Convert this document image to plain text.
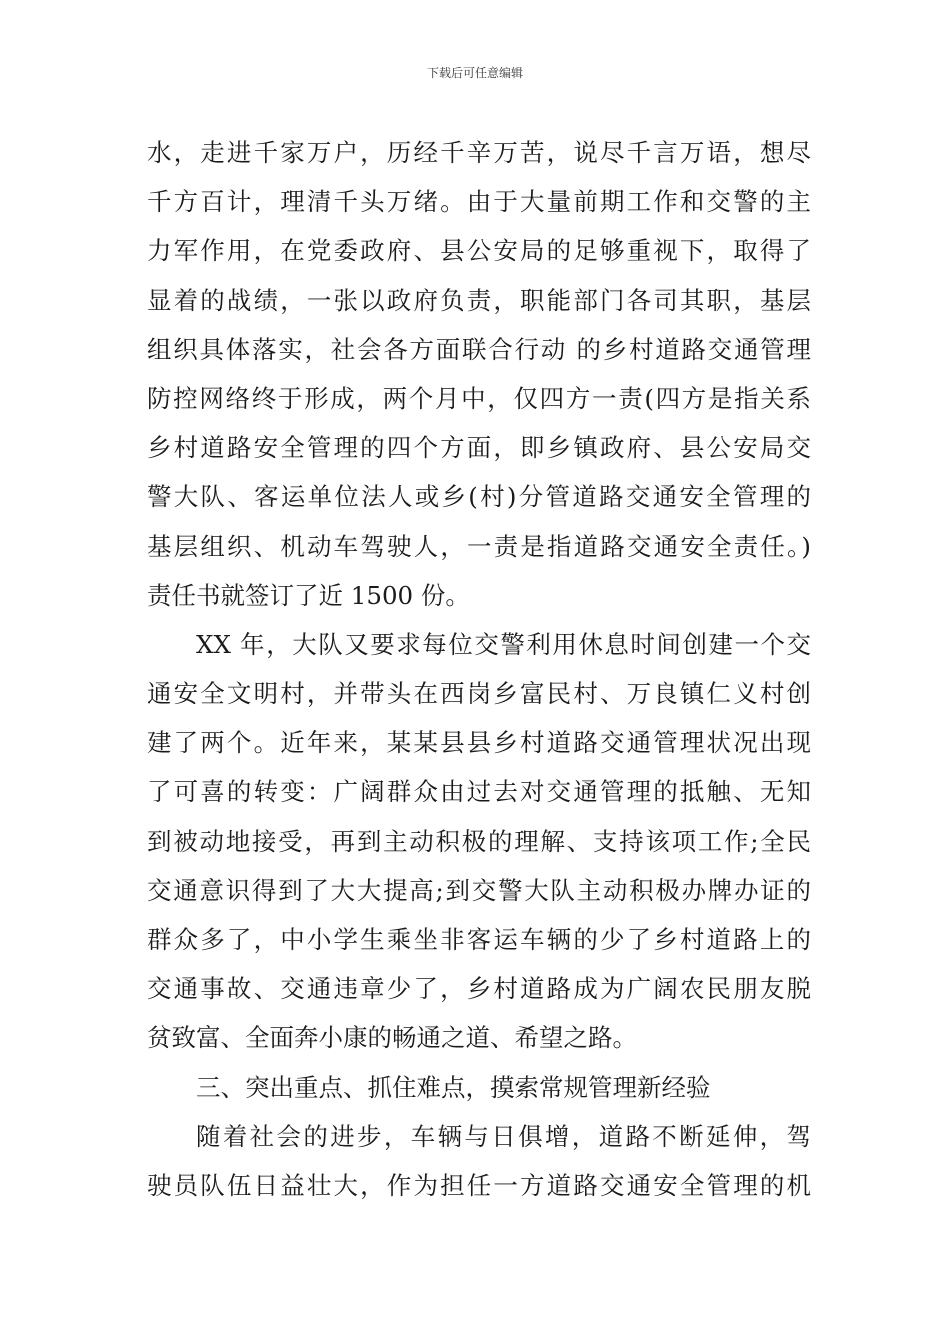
下载后可任意编辑
水，走进千家万户，历经千辛万苦，说尽千言万语，想尽
千方百计，理清千头万绪。由于大量前期工作和交警的主
力军作用，在党委政府、县公安局的足够重视下，取得了
显着的战绩，一张以政府负责，职能部门各司其职，基层
组织具体落实，社会各方面联合行动 的乡村道路交通管理
防控网络终于形成，两个月中，仅四方一责(四方是指关系
乡村道路安全管理的四个方面，即乡镇政府、县公安局交
警大队、客运单位法人或乡(村)分管道路交通安全管理的
基层组织、机动车驾驶人，一责是指道路交通安全责任。)
责任书就签订了近 1500 份。
XX 年，大队又要求每位交警利用休息时间创建一个交
通安全文明村，并带头在西岗乡富民村、万良镇仁义村创
建了两个。近年来，某某县县乡村道路交通管理状况出现
了可喜的转变：广阔群众由过去对交通管理的抵触、无知
到被动地接受，再到主动积极的理解、支持该项工作;全民
交通意识得到了大大提高;到交警大队主动积极办牌办证的
群众多了，中小学生乘坐非客运车辆的少了乡村道路上的
交通事故、交通违章少了，乡村道路成为广阔农民朋友脱
贫致富、全面奔小康的畅通之道、希望之路。
三、突出重点、抓住难点，摸索常规管理新经验
随着社会的进步，车辆与日俱增，道路不断延伸，驾
驶员队伍日益壮大，作为担任一方道路交通安全管理的机
